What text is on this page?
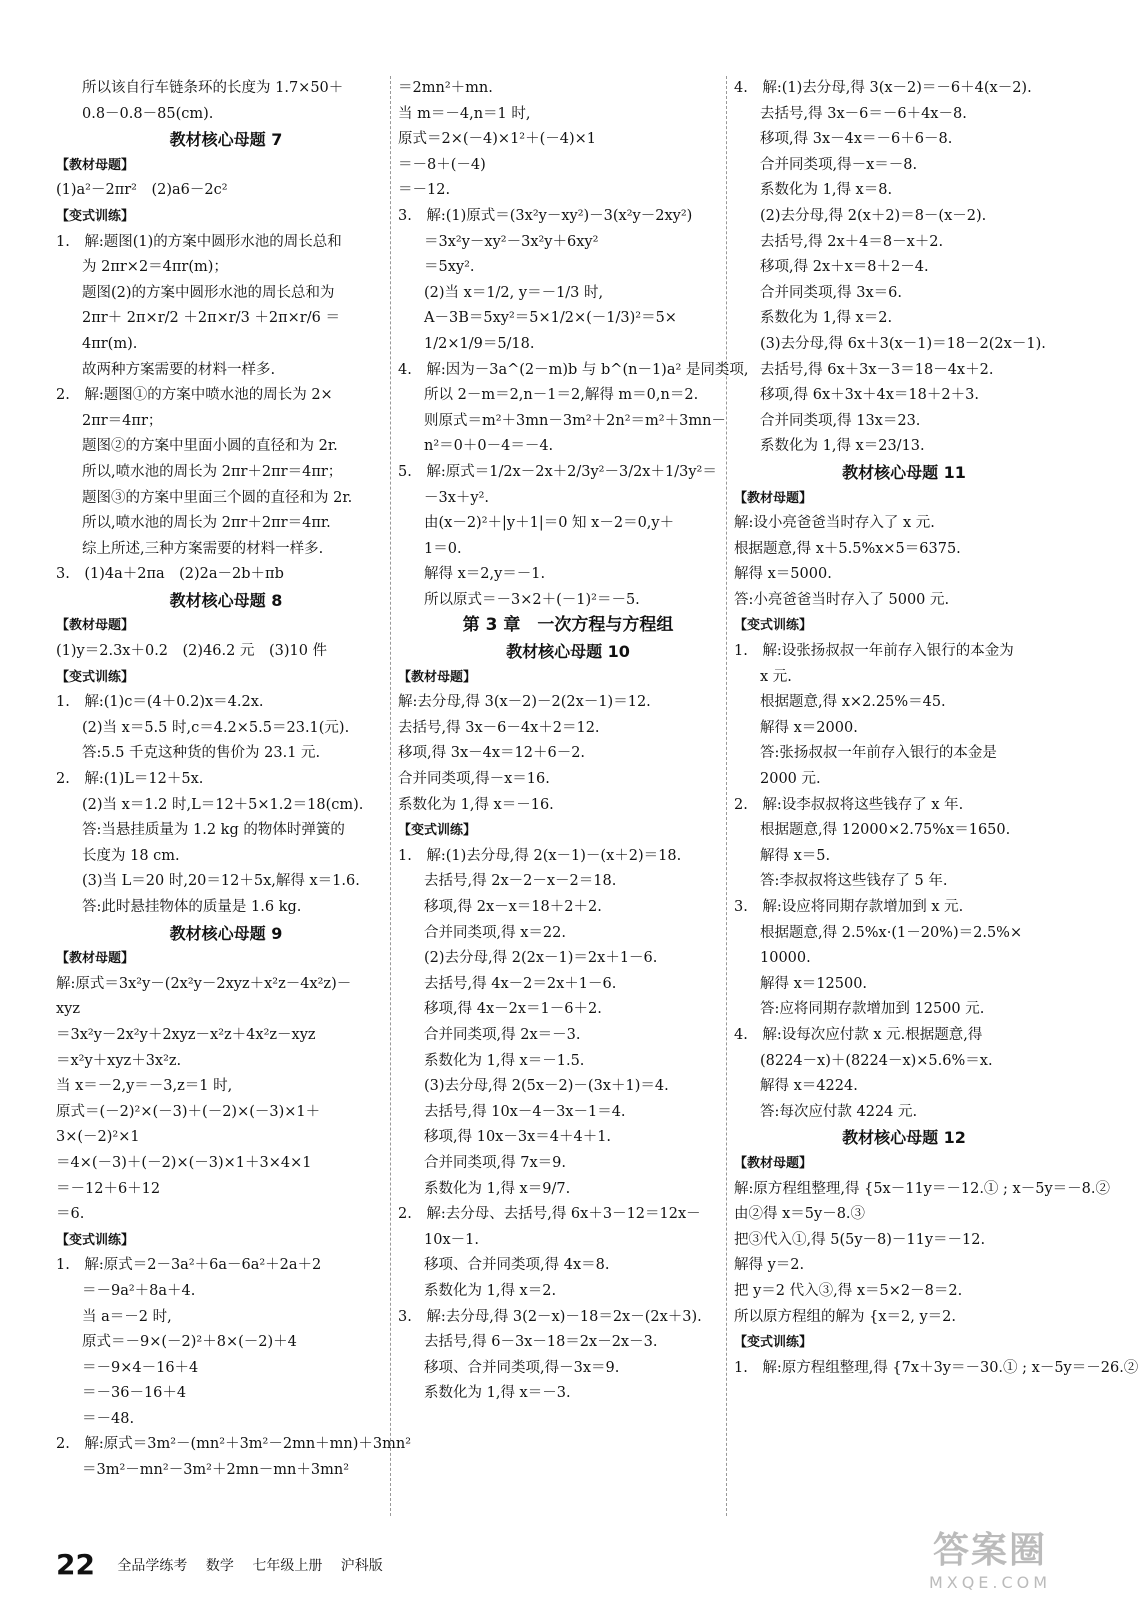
所以该自行车链条环的长度为 1.7×50＋
0.8－0.8－85(cm).
教材核心母题 7
【教材母题】
(1)a²－2πr²　(2)a6－2c²
【变式训练】
1.　解:题图(1)的方案中圆形水池的周长总和
为 2πr×2＝4πr(m)；
题图(2)的方案中圆形水池的周长总和为
2πr＋ 2π×r/2 ＋2π×r/3 ＋2π×r/6 ＝
4πr(m).
故两种方案需要的材料一样多.
2.　解:题图①的方案中喷水池的周长为 2×
2πr＝4πr；
题图②的方案中里面小圆的直径和为 2r.
所以,喷水池的周长为 2πr＋2πr＝4πr；
题图③的方案中里面三个圆的直径和为 2r.
所以,喷水池的周长为 2πr＋2πr＝4πr.
综上所述,三种方案需要的材料一样多.
3.　(1)4a＋2πa　(2)2a－2b＋πb
教材核心母题 8
【教材母题】
(1)y＝2.3x＋0.2　(2)46.2 元　(3)10 件
【变式训练】
1.　解:(1)c＝(4＋0.2)x＝4.2x.
(2)当 x＝5.5 时,c＝4.2×5.5＝23.1(元).
答:5.5 千克这种货的售价为 23.1 元.
2.　解:(1)L＝12＋5x.
(2)当 x＝1.2 时,L＝12＋5×1.2＝18(cm).
答:当悬挂质量为 1.2 kg 的物体时弹簧的
长度为 18 cm.
(3)当 L＝20 时,20＝12＋5x,解得 x＝1.6.
答:此时悬挂物体的质量是 1.6 kg.
教材核心母题 9
【教材母题】
解:原式＝3x²y－(2x²y－2xyz＋x²z－4x²z)－
xyz
＝3x²y－2x²y＋2xyz－x²z＋4x²z－xyz
＝x²y＋xyz＋3x²z.
当 x＝－2,y＝－3,z＝1 时,
原式＝(－2)²×(－3)＋(－2)×(－3)×1＋
3×(－2)²×1
＝4×(－3)＋(－2)×(－3)×1＋3×4×1
＝－12＋6＋12
＝6.
【变式训练】
1.　解:原式＝2－3a²＋6a－6a²＋2a＋2
＝－9a²＋8a＋4.
当 a＝－2 时,
原式＝－9×(－2)²＋8×(－2)＋4
＝－9×4－16＋4
＝－36－16＋4
＝－48.
2.　解:原式＝3m²－(mn²＋3m²－2mn＋mn)＋3mn²
＝3m²－mn²－3m²＋2mn－mn＋3mn²
＝2mn²＋mn.
当 m＝－4,n＝1 时,
原式＝2×(－4)×1²＋(－4)×1
＝－8＋(－4)
＝－12.
3.　解:(1)原式＝(3x²y－xy²)－3(x²y－2xy²)
＝3x²y－xy²－3x²y＋6xy²
＝5xy².
(2)当 x＝1/2, y＝－1/3 时,
A－3B＝5xy²＝5×1/2×(－1/3)²＝5×
1/2×1/9＝5/18.
4.　解:因为－3a^(2－m)b 与 b^(n－1)a² 是同类项,
所以 2－m＝2,n－1＝2,解得 m＝0,n＝2.
则原式＝m²＋3mn－3m²＋2n²＝m²＋3mn－
n²＝0＋0－4＝－4.
5.　解:原式＝1/2x－2x＋2/3y²－3/2x＋1/3y²＝
－3x＋y².
由(x－2)²＋|y＋1|＝0 知 x－2＝0,y＋
1＝0.
解得 x＝2,y＝－1.
所以原式＝－3×2＋(－1)²＝－5.
第 3 章　一次方程与方程组
教材核心母题 10
【教材母题】
解:去分母,得 3(x－2)－2(2x－1)＝12.
去括号,得 3x－6－4x＋2＝12.
移项,得 3x－4x＝12＋6－2.
合并同类项,得－x＝16.
系数化为 1,得 x＝－16.
【变式训练】
1.　解:(1)去分母,得 2(x－1)－(x＋2)＝18.
去括号,得 2x－2－x－2＝18.
移项,得 2x－x＝18＋2＋2.
合并同类项,得 x＝22.
(2)去分母,得 2(2x－1)＝2x＋1－6.
去括号,得 4x－2＝2x＋1－6.
移项,得 4x－2x＝1－6＋2.
合并同类项,得 2x＝－3.
系数化为 1,得 x＝－1.5.
(3)去分母,得 2(5x－2)－(3x＋1)＝4.
去括号,得 10x－4－3x－1＝4.
移项,得 10x－3x＝4＋4＋1.
合并同类项,得 7x＝9.
系数化为 1,得 x＝9/7.
2.　解:去分母、去括号,得 6x＋3－12＝12x－
10x－1.
移项、合并同类项,得 4x＝8.
系数化为 1,得 x＝2.
3.　解:去分母,得 3(2－x)－18＝2x－(2x＋3).
去括号,得 6－3x－18＝2x－2x－3.
移项、合并同类项,得－3x＝9.
系数化为 1,得 x＝－3.
4.　解:(1)去分母,得 3(x－2)＝－6＋4(x－2).
去括号,得 3x－6＝－6＋4x－8.
移项,得 3x－4x＝－6＋6－8.
合并同类项,得－x＝－8.
系数化为 1,得 x＝8.
(2)去分母,得 2(x＋2)＝8－(x－2).
去括号,得 2x＋4＝8－x＋2.
移项,得 2x＋x＝8＋2－4.
合并同类项,得 3x＝6.
系数化为 1,得 x＝2.
(3)去分母,得 6x＋3(x－1)＝18－2(2x－1).
去括号,得 6x＋3x－3＝18－4x＋2.
移项,得 6x＋3x＋4x＝18＋2＋3.
合并同类项,得 13x＝23.
系数化为 1,得 x＝23/13.
教材核心母题 11
【教材母题】
解:设小亮爸爸当时存入了 x 元.
根据题意,得 x＋5.5%x×5＝6375.
解得 x＝5000.
答:小亮爸爸当时存入了 5000 元.
【变式训练】
1.　解:设张扬叔叔一年前存入银行的本金为
x 元.
根据题意,得 x×2.25%＝45.
解得 x＝2000.
答:张扬叔叔一年前存入银行的本金是
2000 元.
2.　解:设李叔叔将这些钱存了 x 年.
根据题意,得 12000×2.75%x＝1650.
解得 x＝5.
答:李叔叔将这些钱存了 5 年.
3.　解:设应将同期存款增加到 x 元.
根据题意,得 2.5%x·(1－20%)＝2.5%×
10000.
解得 x＝12500.
答:应将同期存款增加到 12500 元.
4.　解:设每次应付款 x 元.根据题意,得
(8224－x)＋(8224－x)×5.6%＝x.
解得 x＝4224.
答:每次应付款 4224 元.
教材核心母题 12
【教材母题】
解:原方程组整理,得 {5x－11y＝－12.① ; x－5y＝－8.②
由②得 x＝5y－8.③
把③代入①,得 5(5y－8)－11y＝－12.
解得 y＝2.
把 y＝2 代入③,得 x＝5×2－8＝2.
所以原方程组的解为 {x＝2, y＝2.
【变式训练】
1.　解:原方程组整理,得 {7x＋3y＝－30.① ; x－5y＝－26.②
22 全品学练考 数学 七年级上册 沪科版	答案圈
MXQE.COM
